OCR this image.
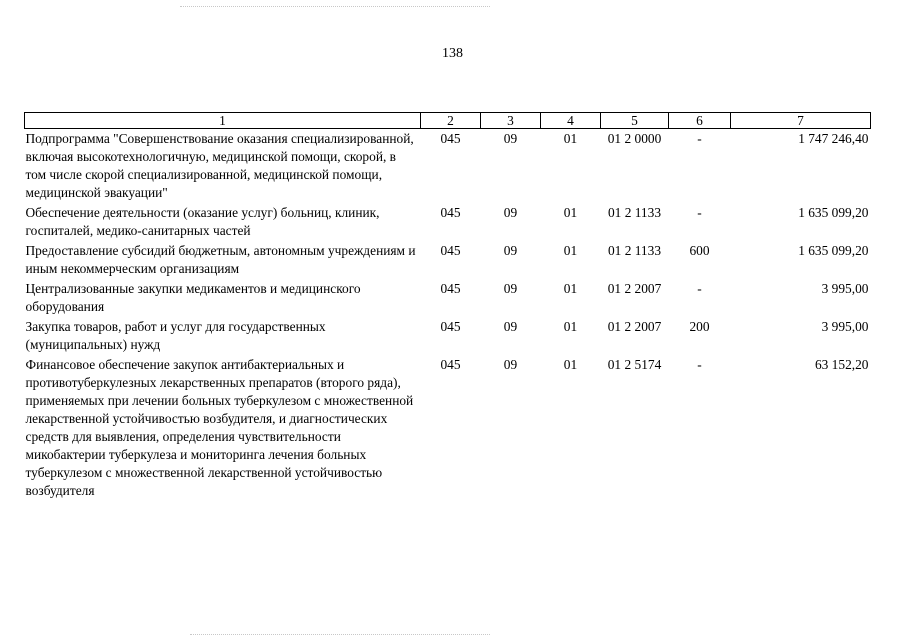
138
1	2	3	4	5	6	7
Подпрограмма "Совершенствование оказания специализированной, включая высокотехнологичную, медицинской помощи, скорой, в том числе скорой специализированной, медицинской помощи, медицинской эвакуации"	045	09	01	01 2 0000	-	1 747 246,40
Обеспечение деятельности (оказание услуг) больниц, клиник, госпиталей, медико-санитарных частей	045	09	01	01 2 1133	-	1 635 099,20
Предоставление субсидий бюджетным, автономным учреждениям и иным некоммерческим организациям	045	09	01	01 2 1133	600	1 635 099,20
Централизованные закупки медикаментов и медицинского оборудования	045	09	01	01 2 2007	-	3 995,00
Закупка товаров, работ и услуг для государственных (муниципальных) нужд	045	09	01	01 2 2007	200	3 995,00
Финансовое обеспечение закупок антибактериальных и противотуберкулезных лекарственных препаратов (второго ряда), применяемых при лечении больных туберкулезом с множественной лекарственной устойчивостью возбудителя, и диагностических средств для выявления, определения чувствительности микобактерии туберкулеза и мониторинга лечения больных туберкулезом с множественной лекарственной устойчивостью возбудителя	045	09	01	01 2 5174	-	63 152,20
